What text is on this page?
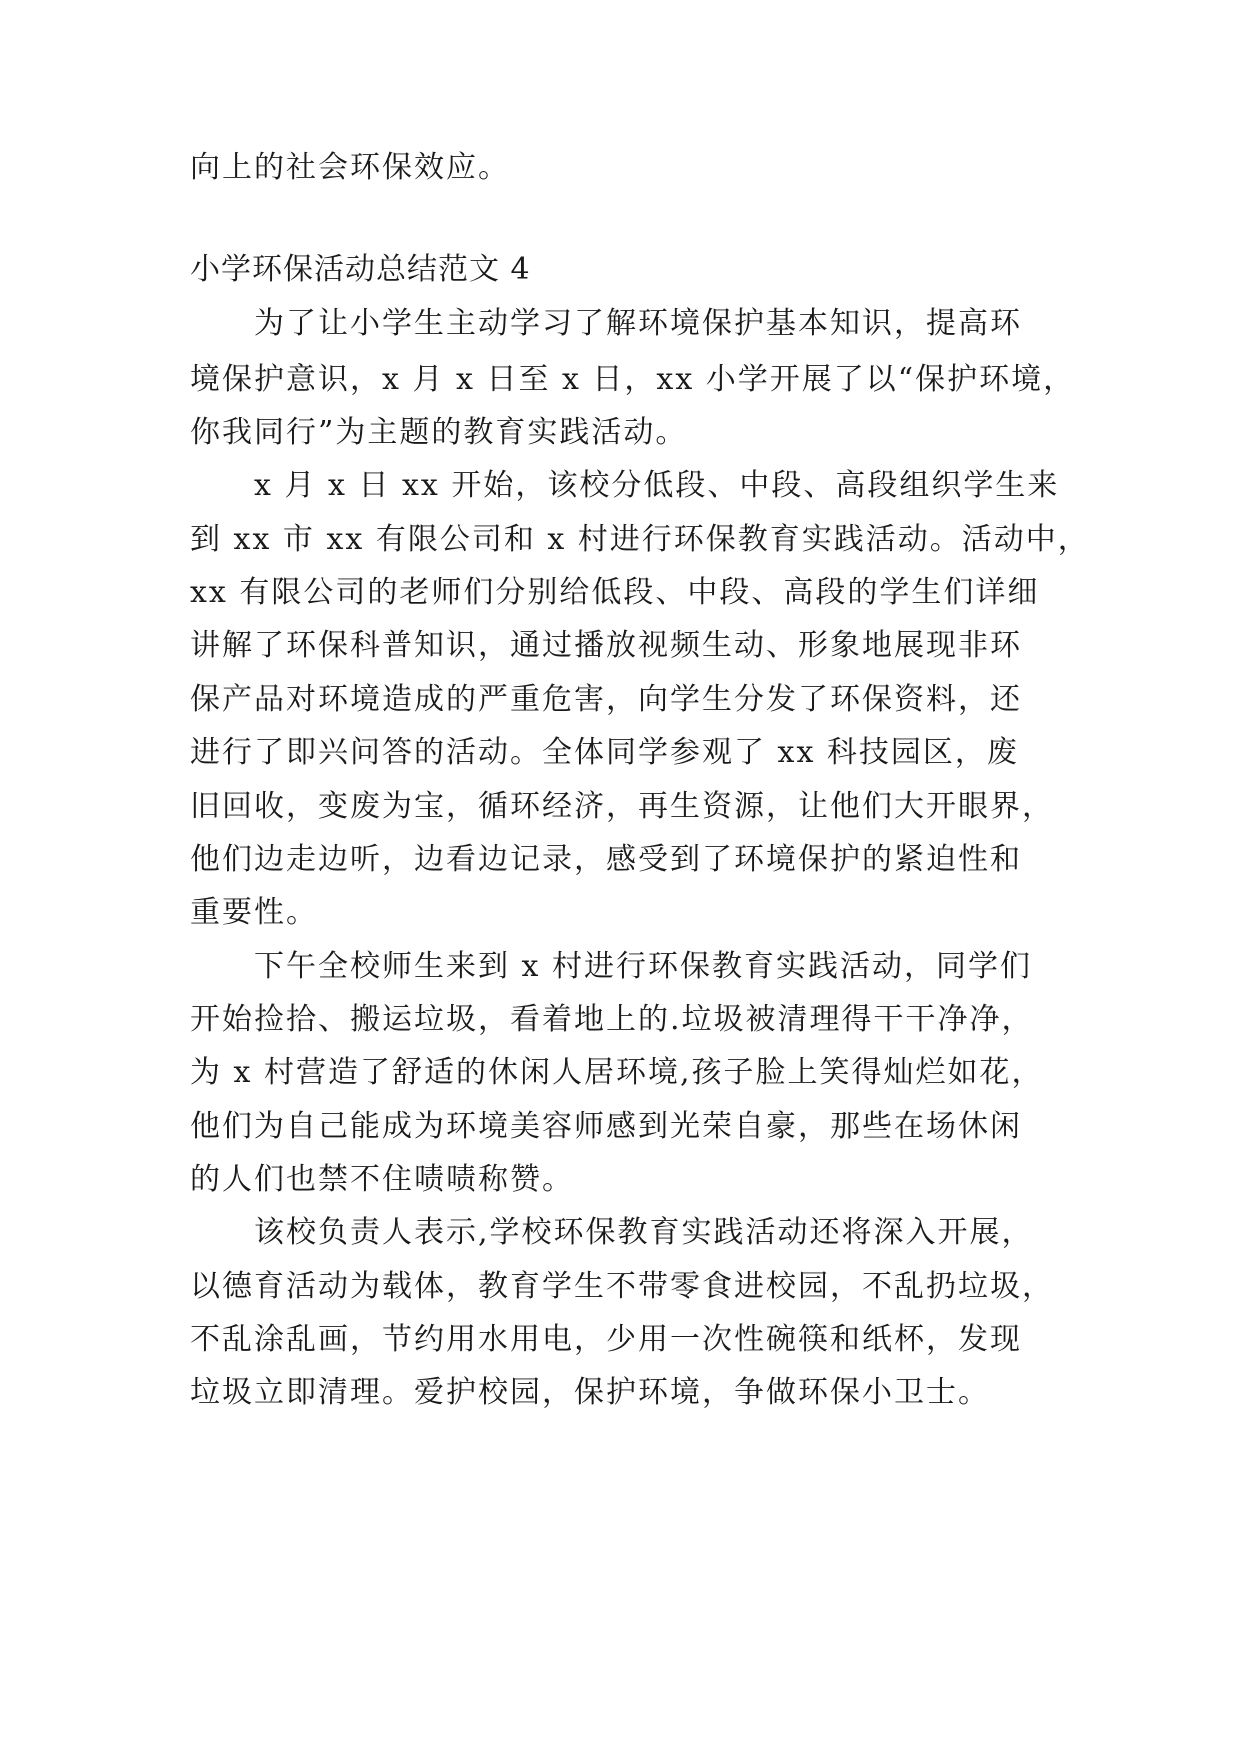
向上的社会环保效应。
小学环保活动总结范文 4
为了让小学生主动学习了解环境保护基本知识，提高环
境保护意识，x 月 x 日至 x 日，xx 小学开展了以“保护环境，
你我同行”为主题的教育实践活动。
x 月 x 日 xx 开始，该校分低段、中段、高段组织学生来
到 xx 市 xx 有限公司和 x 村进行环保教育实践活动。活动中，
xx 有限公司的老师们分别给低段、中段、高段的学生们详细
讲解了环保科普知识，通过播放视频生动、形象地展现非环
保产品对环境造成的严重危害，向学生分发了环保资料，还
进行了即兴问答的活动。全体同学参观了 xx 科技园区，废
旧回收，变废为宝，循环经济，再生资源，让他们大开眼界，
他们边走边听，边看边记录，感受到了环境保护的紧迫性和
重要性。
下午全校师生来到 x 村进行环保教育实践活动，同学们
开始捡拾、搬运垃圾，看着地上的.垃圾被清理得干干净净，
为 x 村营造了舒适的休闲人居环境,孩子脸上笑得灿烂如花，
他们为自己能成为环境美容师感到光荣自豪，那些在场休闲
的人们也禁不住啧啧称赞。
该校负责人表示,学校环保教育实践活动还将深入开展，
以德育活动为载体，教育学生不带零食进校园，不乱扔垃圾，
不乱涂乱画，节约用水用电，少用一次性碗筷和纸杯，发现
垃圾立即清理。爱护校园，保护环境，争做环保小卫士。
